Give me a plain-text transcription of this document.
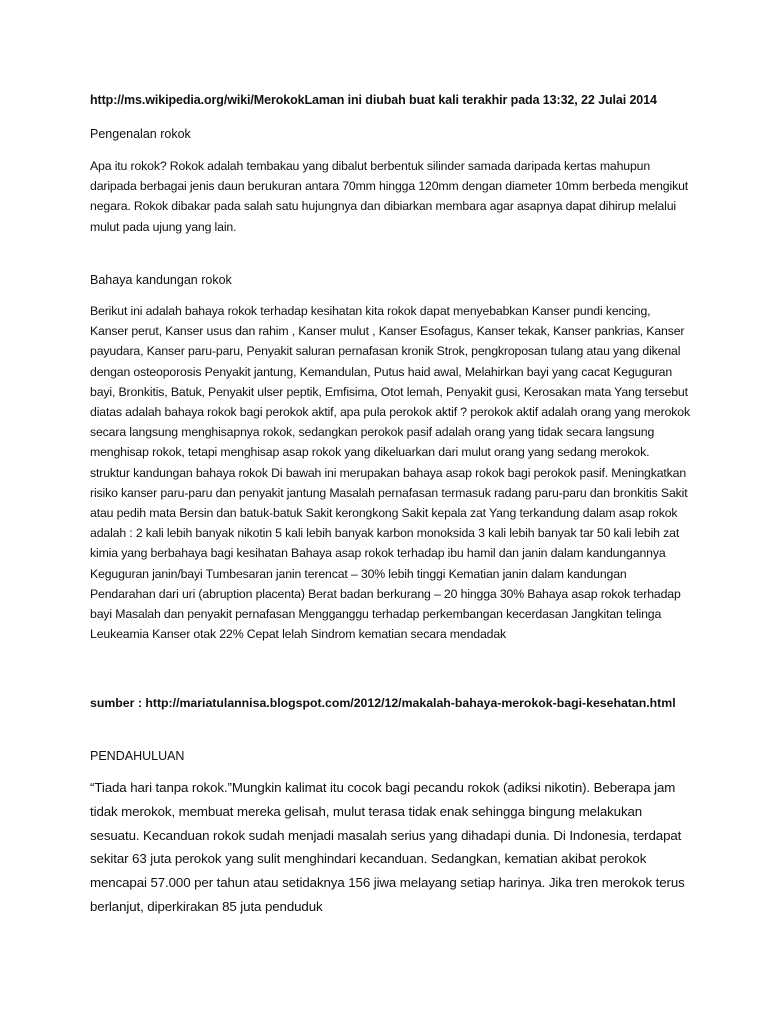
http://ms.wikipedia.org/wiki/MerokokLaman ini diubah buat kali terakhir pada 13:32, 22 Julai 2014

Pengenalan rokok

Apa itu rokok? Rokok adalah tembakau yang dibalut berbentuk silinder samada daripada kertas mahupun daripada berbagai jenis daun berukuran antara 70mm hingga 120mm dengan diameter 10mm berbeda mengikut negara. Rokok dibakar pada salah satu hujungnya dan dibiarkan membara agar asapnya dapat dihirup melalui mulut pada ujung yang lain.

Bahaya kandungan rokok

Berikut ini adalah bahaya rokok terhadap kesihatan kita rokok dapat menyebabkan Kanser pundi kencing, Kanser perut, Kanser usus dan rahim , Kanser mulut , Kanser Esofagus, Kanser tekak, Kanser pankrias, Kanser payudara, Kanser paru-paru, Penyakit saluran pernafasan kronik Strok, pengkroposan tulang atau yang dikenal dengan osteoporosis Penyakit jantung, Kemandulan, Putus haid awal, Melahirkan bayi yang cacat Keguguran bayi, Bronkitis, Batuk, Penyakit ulser peptik, Emfisima, Otot lemah, Penyakit gusi, Kerosakan mata Yang tersebut diatas adalah bahaya rokok bagi perokok aktif, apa pula perokok aktif ? perokok aktif adalah orang yang merokok secara langsung menghisapnya rokok, sedangkan perokok pasif adalah orang yang tidak secara langsung menghisap rokok, tetapi menghisap asap rokok yang dikeluarkan dari mulut orang yang sedang merokok. struktur kandungan bahaya rokok Di bawah ini merupakan bahaya asap rokok bagi perokok pasif. Meningkatkan risiko kanser paru-paru dan penyakit jantung Masalah pernafasan termasuk radang paru-paru dan bronkitis Sakit atau pedih mata Bersin dan batuk-batuk Sakit kerongkong Sakit kepala zat Yang terkandung dalam asap rokok adalah : 2 kali lebih banyak nikotin 5 kali lebih banyak karbon monoksida 3 kali lebih banyak tar 50 kali lebih zat kimia yang berbahaya bagi kesihatan Bahaya asap rokok terhadap ibu hamil dan janin dalam kandungannya Keguguran janin/bayi Tumbesaran janin terencat – 30% lebih tinggi Kematian janin dalam kandungan Pendarahan dari uri (abruption placenta) Berat badan berkurang – 20 hingga 30% Bahaya asap rokok terhadap bayi Masalah dan penyakit pernafasan Mengganggu terhadap perkembangan kecerdasan Jangkitan telinga Leukeamia Kanser otak 22% Cepat lelah Sindrom kematian secara mendadak

sumber : http://mariatulannisa.blogspot.com/2012/12/makalah-bahaya-merokok-bagi-kesehatan.html

PENDAHULUAN

“Tiada hari tanpa rokok.”Mungkin kalimat itu cocok bagi pecandu rokok (adiksi nikotin). Beberapa jam tidak merokok, membuat mereka gelisah, mulut terasa tidak enak sehingga bingung melakukan sesuatu. Kecanduan rokok sudah menjadi masalah serius yang dihadapi dunia. Di Indonesia, terdapat sekitar 63 juta perokok yang sulit menghindari kecanduan. Sedangkan, kematian akibat perokok mencapai 57.000 per tahun atau setidaknya 156 jiwa melayang setiap harinya. Jika tren merokok terus berlanjut, diperkirakan 85 juta penduduk
